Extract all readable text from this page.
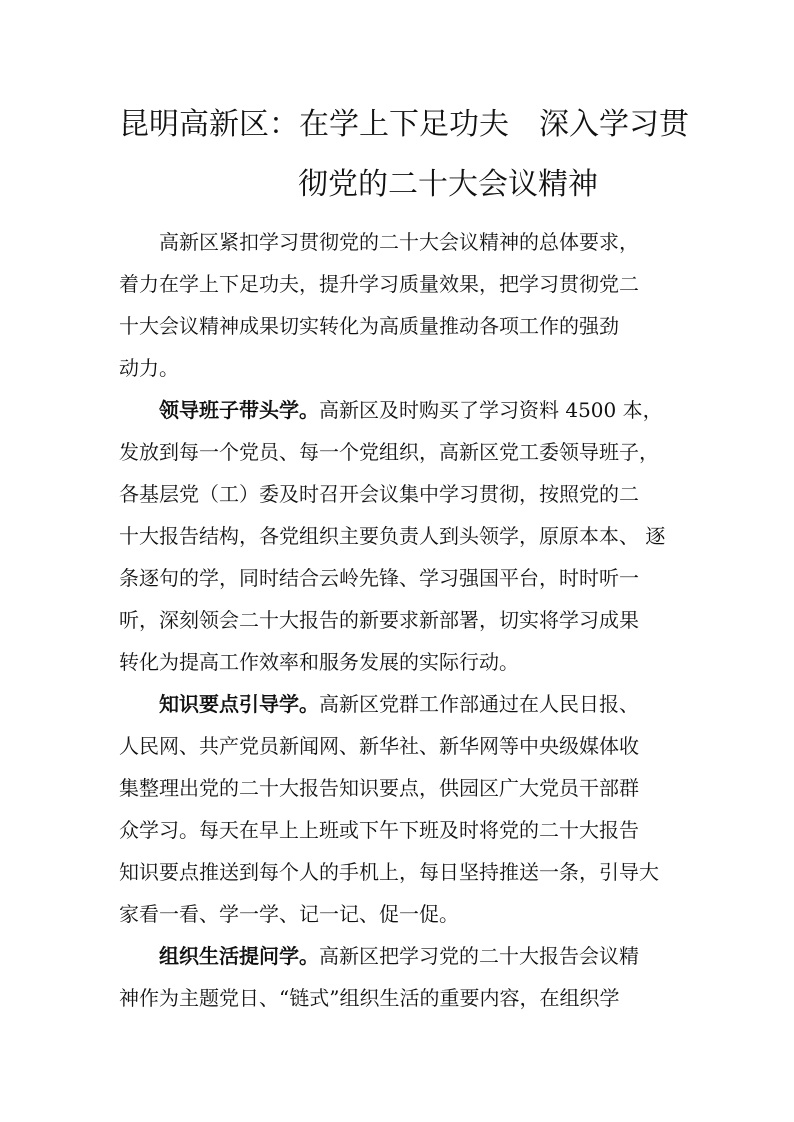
昆明高新区：在学上下足功夫　深入学习贯
彻党的二十大会议精神
　　高新区紧扣学习贯彻党的二十大会议精神的总体要求，
着力在学上下足功夫，提升学习质量效果，把学习贯彻党二
十大会议精神成果切实转化为高质量推动各项工作的强劲
动力。
　　领导班子带头学。高新区及时购买了学习资料 4500 本，
发放到每一个党员、每一个党组织，高新区党工委领导班子，
各基层党（工）委及时召开会议集中学习贯彻，按照党的二
十大报告结构，各党组织主要负责人到头领学，原原本本、 逐
条逐句的学，同时结合云岭先锋、学习强国平台，时时听一
听，深刻领会二十大报告的新要求新部署，切实将学习成果
转化为提高工作效率和服务发展的实际行动。
　　知识要点引导学。高新区党群工作部通过在人民日报、
人民网、共产党员新闻网、新华社、新华网等中央级媒体收
集整理出党的二十大报告知识要点，供园区广大党员干部群
众学习。每天在早上上班或下午下班及时将党的二十大报告
知识要点推送到每个人的手机上，每日坚持推送一条，引导大
家看一看、学一学、记一记、促一促。
　　组织生活提问学。高新区把学习党的二十大报告会议精
神作为主题党日、“链式”组织生活的重要内容，在组织学
